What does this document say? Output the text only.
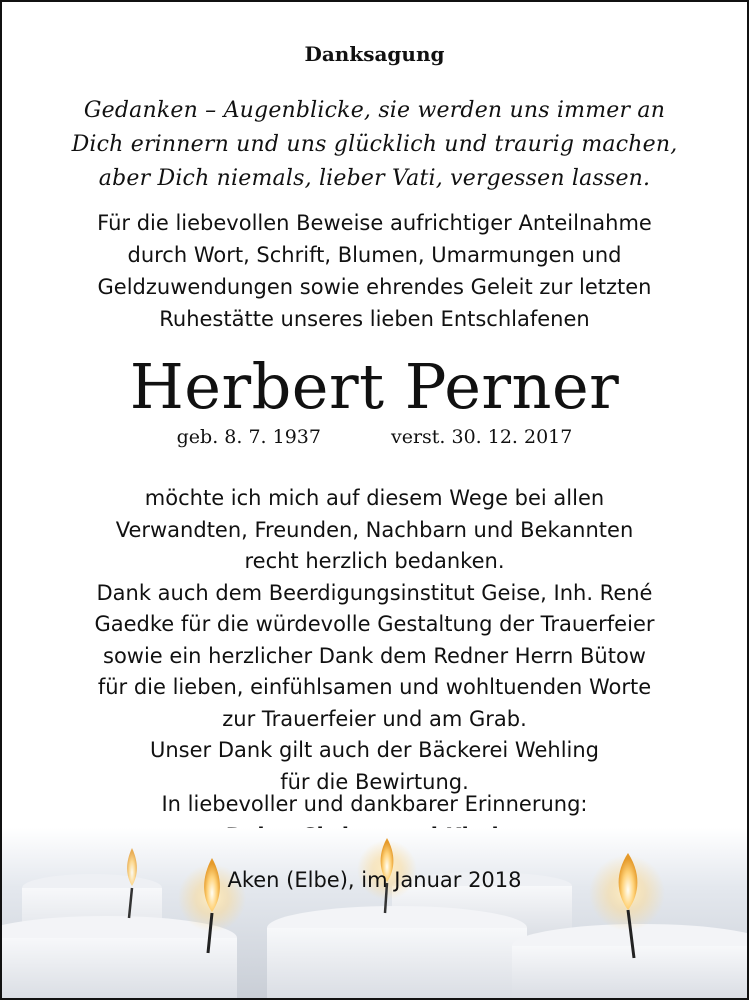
Danksagung
Gedanken – Augenblicke, sie werden uns immer an
Dich erinnern und uns glücklich und traurig machen,
aber Dich niemals, lieber Vati, vergessen lassen.
Für die liebevollen Beweise aufrichtiger Anteilnahme
durch Wort, Schrift, Blumen, Umarmungen und
Geldzuwendungen sowie ehrendes Geleit zur letzten
Ruhestätte unseres lieben Entschlafenen
Herbert Perner
geb. 8. 7. 1937	verst. 30. 12. 2017
möchte ich mich auf diesem Wege bei allen
Verwandten, Freunden, Nachbarn und Bekannten
recht herzlich bedanken.
Dank auch dem Beerdigungsinstitut Geise, Inh. René
Gaedke für die würdevolle Gestaltung der Trauerfeier
sowie ein herzlicher Dank dem Redner Herrn Bütow
für die lieben, einfühlsamen und wohltuenden Worte
zur Trauerfeier und am Grab.
Unser Dank gilt auch der Bäckerei Wehling
für die Bewirtung.
In liebevoller und dankbarer Erinnerung:
Aken (Elbe), im Januar 2018
